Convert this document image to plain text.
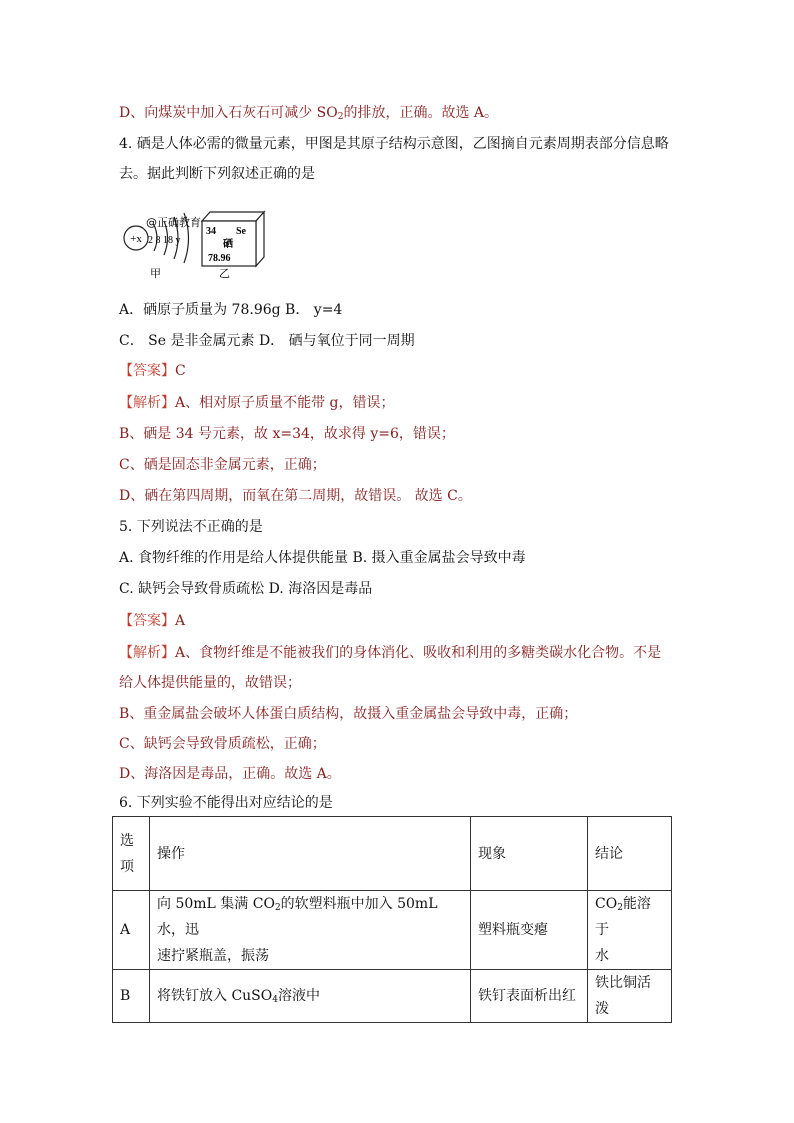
D、向煤炭中加入石灰石可减少 $SO_2$的排放，正确。故选 A。
4. 硒是人体必需的微量元素，甲图是其原子结构示意图，乙图摘自元素周期表部分信息略
去。据此判断下列叙述正确的是
+x
@正确教育
2 8 18 y
甲
34 Se
硒
78.96
乙
A．硒原子质量为 78.96g B． y=4
C． Se 是非金属元素 D． 硒与氧位于同一周期
【答案】C
【解析】A、相对原子质量不能带 g，错误；
B、硒是 34 号元素，故 x=34，故求得 y=6，错误；
C、硒是固态非金属元素，正确；
D、硒在第四周期，而氧在第二周期，故错误。 故选 C。
5. 下列说法不正确的是
A. 食物纤维的作用是给人体提供能量 B. 摄入重金属盐会导致中毒
C. 缺钙会导致骨质疏松 D. 海洛因是毒品
【答案】A
【解析】A、食物纤维是不能被我们的身体消化、吸收和利用的多糖类碳水化合物。不是
给人体提供能量的，故错误；
B、重金属盐会破坏人体蛋白质结构，故摄入重金属盐会导致中毒，正确；
C、缺钙会导致骨质疏松，正确；
D、海洛因是毒品，正确。故选 A。
6. 下列实验不能得出对应结论的是
选项	操作	现象	结论
A	向 50mL 集满 $CO_2$的软塑料瓶中加入 50mL 水，迅
速拧紧瓶盖，振荡	塑料瓶变瘪	$CO_2$能溶于
水
B	将铁钉放入 CuSO$_4$溶液中	铁钉表面析出红	铁比铜活泼
